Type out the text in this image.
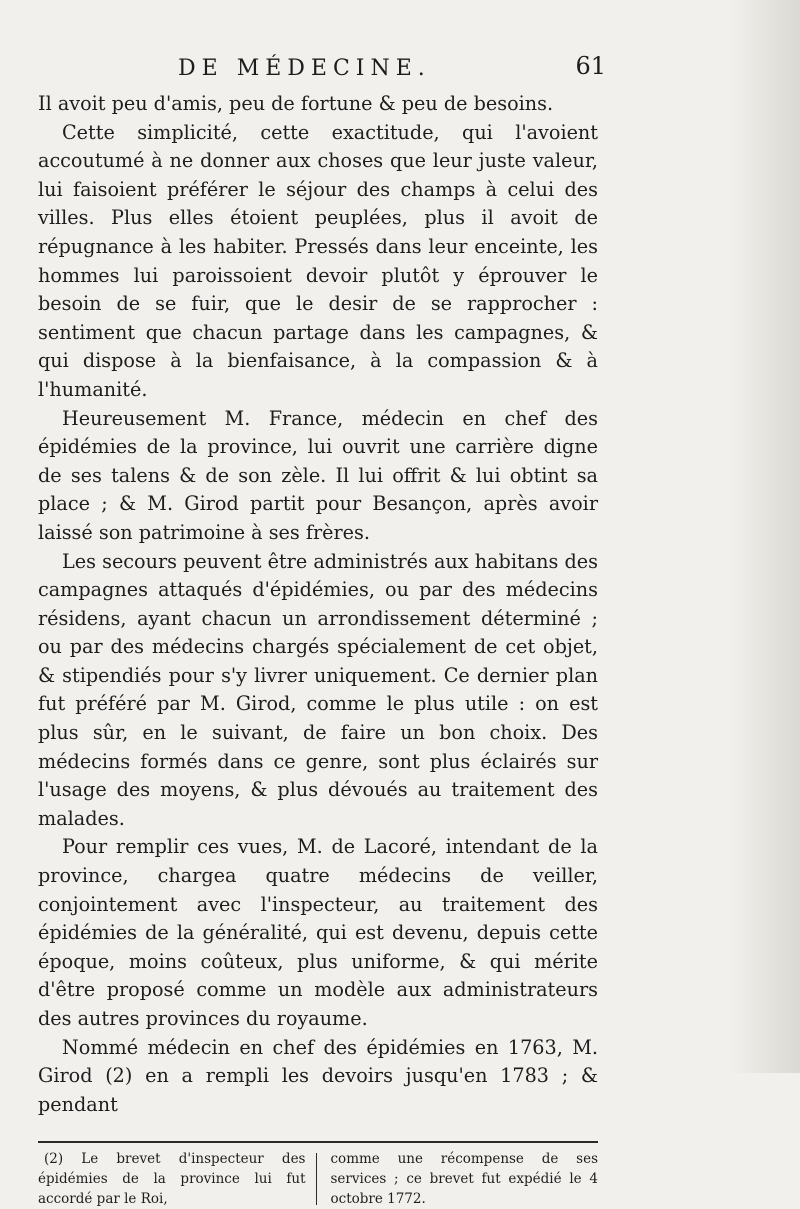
DE MÉDECINE.	61

Il avoit peu d'amis, peu de fortune & peu de besoins.

Cette simplicité, cette exactitude, qui l'avoient accoutumé à ne donner aux choses que leur juste valeur, lui faisoient préférer le séjour des champs à celui des villes. Plus elles étoient peuplées, plus il avoit de répugnance à les habiter. Pressés dans leur enceinte, les hommes lui paroissoient devoir plutôt y éprouver le besoin de se fuir, que le desir de se rapprocher : sentiment que chacun partage dans les campagnes, & qui dispose à la bienfaisance, à la compassion & à l'humanité.

Heureusement M. France, médecin en chef des épidémies de la province, lui ouvrit une carrière digne de ses talens & de son zèle. Il lui offrit & lui obtint sa place ; & M. Girod partit pour Besançon, après avoir laissé son patrimoine à ses frères.

Les secours peuvent être administrés aux habitans des campagnes attaqués d'épidémies, ou par des médecins résidens, ayant chacun un arrondissement déterminé ; ou par des médecins chargés spécialement de cet objet, & stipendiés pour s'y livrer uniquement. Ce dernier plan fut préféré par M. Girod, comme le plus utile : on est plus sûr, en le suivant, de faire un bon choix. Des médecins formés dans ce genre, sont plus éclairés sur l'usage des moyens, & plus dévoués au traitement des malades.

Pour remplir ces vues, M. de Lacoré, intendant de la province, chargea quatre médecins de veiller, conjointement avec l'inspecteur, au traitement des épidémies de la généralité, qui est devenu, depuis cette époque, moins coûteux, plus uniforme, & qui mérite d'être proposé comme un modèle aux administrateurs des autres provinces du royaume.

Nommé médecin en chef des épidémies en 1763, M. Girod (2) en a rempli les devoirs jusqu'en 1783 ; & pendant

(2) Le brevet d'inspecteur des épidémies de la province lui fut accordé par le Roi,

comme une récompense de ses services ; ce brevet fut expédié le 4 octobre 1772.
